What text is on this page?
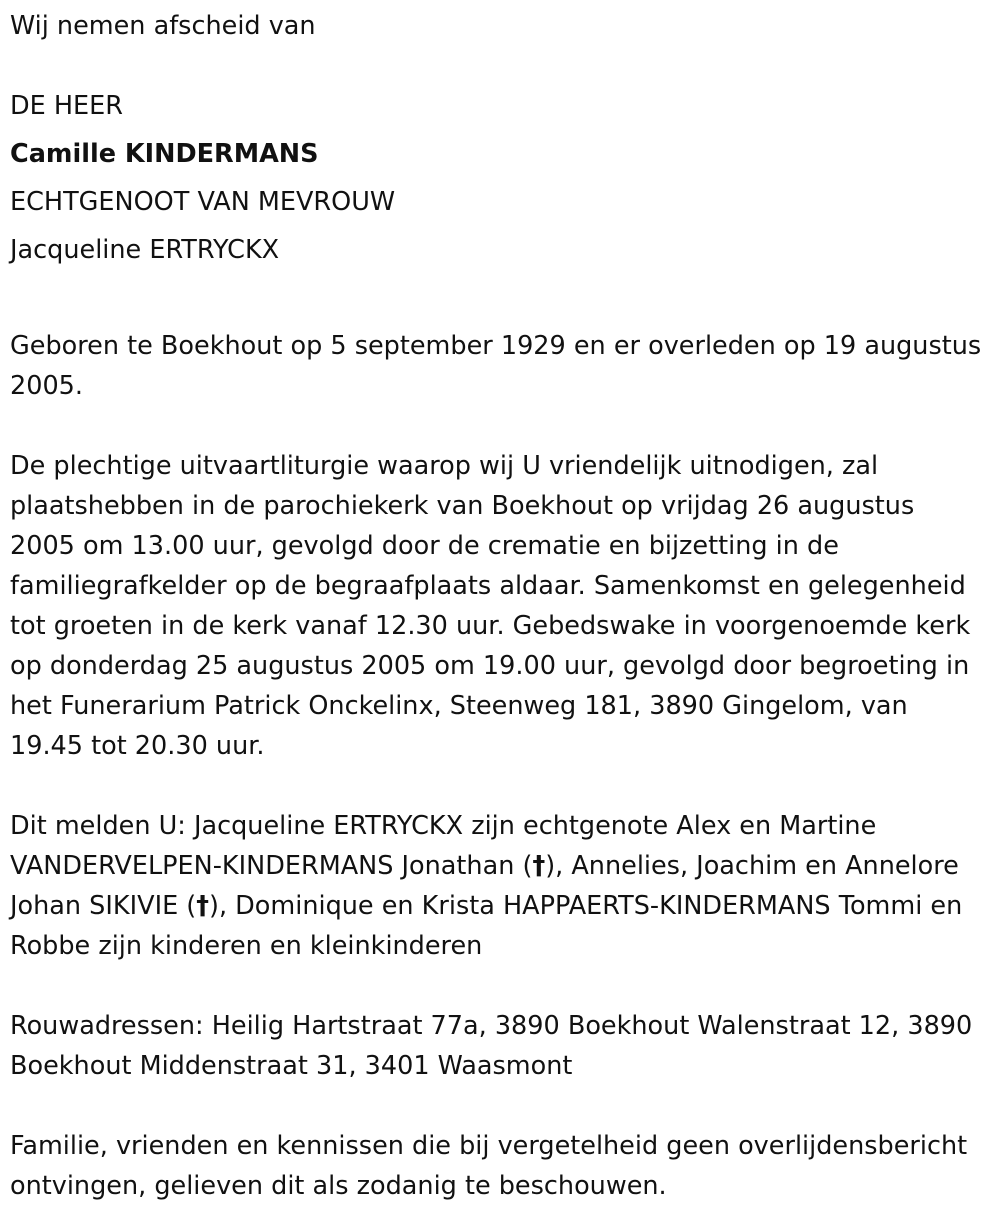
Wij nemen afscheid van

DE HEER

Camille KINDERMANS

ECHTGENOOT VAN MEVROUW

Jacqueline ERTRYCKX

Geboren te Boekhout op 5 september 1929 en er overleden op 19 augustus 2005.

De plechtige uitvaartliturgie waarop wij U vriendelijk uitnodigen, zal plaatshebben in de parochiekerk van Boekhout op vrijdag 26 augustus 2005 om 13.00 uur, gevolgd door de crematie en bijzetting in de familiegrafkelder op de begraafplaats aldaar. Samenkomst en gelegenheid tot groeten in de kerk vanaf 12.30 uur. Gebedswake in voorgenoemde kerk op donderdag 25 augustus 2005 om 19.00 uur, gevolgd door begroeting in het Funerarium Patrick Onckelinx, Steenweg 181, 3890 Gingelom, van 19.45 tot 20.30 uur.

Dit melden U: Jacqueline ERTRYCKX zijn echtgenote Alex en Martine VANDERVELPEN-KINDERMANS Jonathan (†), Annelies, Joachim en Annelore Johan SIKIVIE (†), Dominique en Krista HAPPAERTS-KINDERMANS Tommi en Robbe zijn kinderen en kleinkinderen

Rouwadressen: Heilig Hartstraat 77a, 3890 Boekhout Walenstraat 12, 3890 Boekhout Middenstraat 31, 3401 Waasmont

Familie, vrienden en kennissen die bij vergetelheid geen overlijdensbericht ontvingen, gelieven dit als zodanig te beschouwen.
